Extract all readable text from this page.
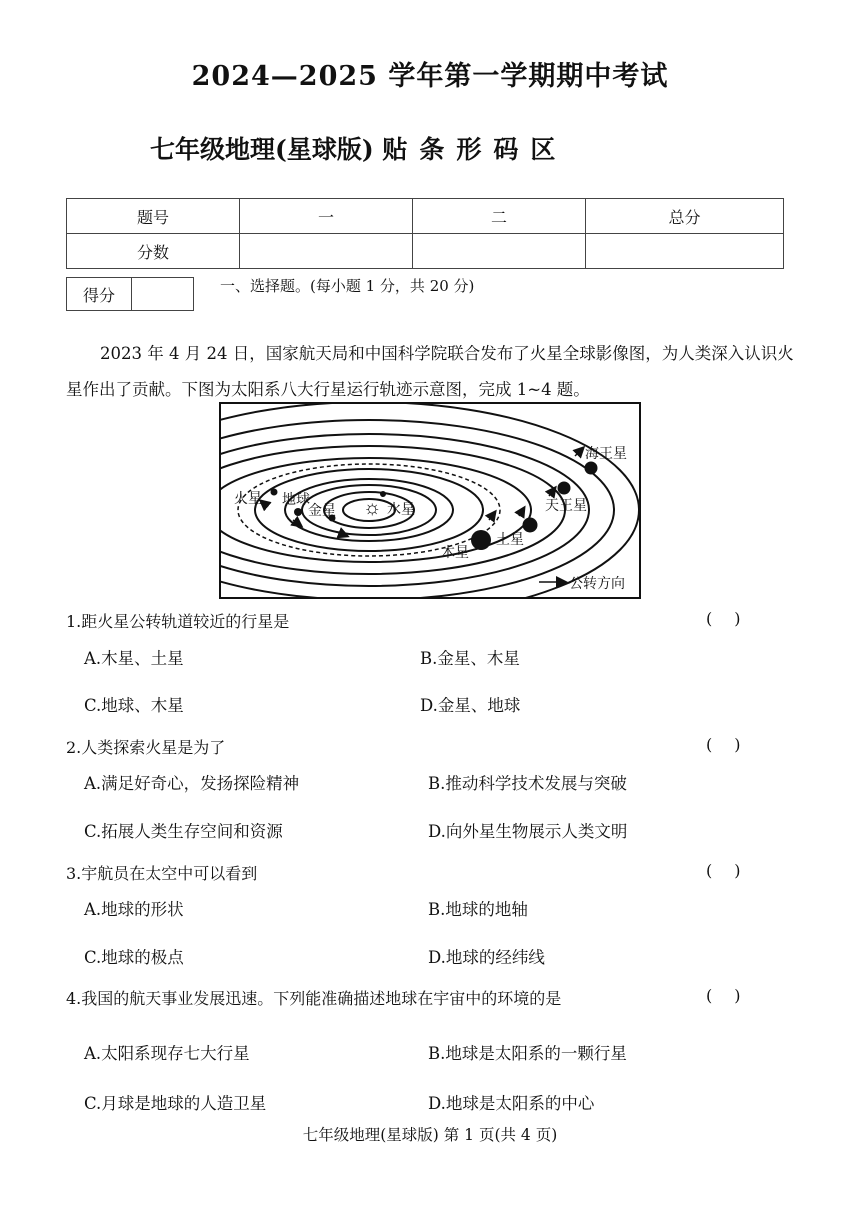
2024—2025 学年第一学期期中考试
七年级地理(星球版) 贴条形码区
题号	一	二	总分
分数			
得分		一、选择题。(每小题 1 分，共 20 分)
2023 年 4 月 24 日，国家航天局和中国科学院联合发布了火星全球影像图，为人类深入认识火星作出了贡献。下图为太阳系八大行星运行轨迹示意图，完成 1~4 题。
☼ 水星
金星
地球
火星
木星
土星
天王星
海王星
公转方向
1.距火星公转轨道较近的行星是	()
A.木星、土星	B.金星、木星
C.地球、木星	D.金星、地球
2.人类探索火星是为了	()
A.满足好奇心，发扬探险精神	B.推动科学技术发展与突破
C.拓展人类生存空间和资源	D.向外星生物展示人类文明
3.宇航员在太空中可以看到	()
A.地球的形状	B.地球的地轴
C.地球的极点	D.地球的经纬线
4.我国的航天事业发展迅速。下列能准确描述地球在宇宙中的环境的是	()
A.太阳系现存七大行星	B.地球是太阳系的一颗行星
C.月球是地球的人造卫星	D.地球是太阳系的中心
七年级地理(星球版) 第 1 页(共 4 页)
